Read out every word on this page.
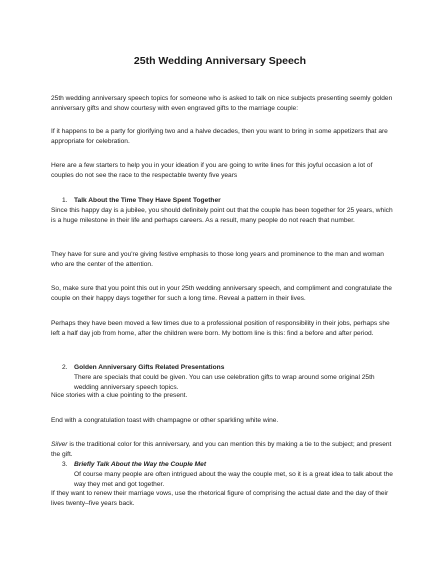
25th Wedding Anniversary Speech

25th wedding anniversary speech topics for someone who is asked to talk on nice subjects presenting seemly golden anniversary gifts and show courtesy with even engraved gifts to the marriage couple:

If it happens to be a party for glorifying two and a halve decades, then you want to bring in some appetizers that are appropriate for celebration.

Here are a few starters to help you in your ideation if you are going to write lines for this joyful occasion a lot of couples do not see the race to the respectable twenty five years

1. Talk About the Time They Have Spent Together

Since this happy day is a jubilee, you should definitely point out that the couple has been together for 25 years, which is a huge milestone in their life and perhaps careers. As a result, many people do not reach that number.

They have for sure and you're giving festive emphasis to those long years and prominence to the man and woman who are the center of the attention.

So, make sure that you point this out in your 25th wedding anniversary speech, and compliment and congratulate the couple on their happy days together for such a long time. Reveal a pattern in their lives.

Perhaps they have been moved a few times due to a professional position of responsibility in their jobs, perhaps she left a half day job from home, after the children were born. My bottom line is this: find a before and after period.

2. Golden Anniversary Gifts Related Presentations
There are specials that could be given. You can use celebration gifts to wrap around some original 25th wedding anniversary speech topics.

Nice stories with a clue pointing to the present.

End with a congratulation toast with champagne or other sparkling white wine.

Silver is the traditional color for this anniversary, and you can mention this by making a tie to the subject; and present the gift.

3. Briefly Talk About the Way the Couple Met
Of course many people are often intrigued about the way the couple met, so it is a great idea to talk about the way they met and got together.

If they want to renew their marriage vows, use the rhetorical figure of comprising the actual date and the day of their lives twenty–five years back.
